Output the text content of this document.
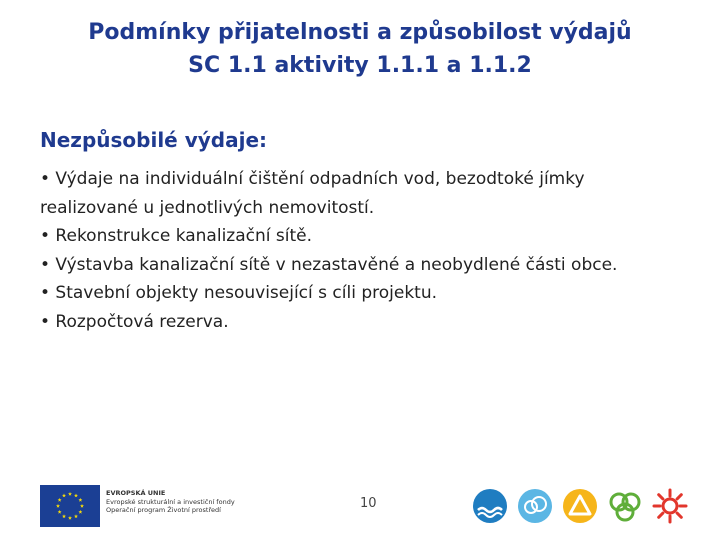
Podmínky přijatelnosti a způsobilost výdajů
SC 1.1 aktivity 1.1.1 a 1.1.2
Nezpůsobilé výdaje:

• Výdaje na individuální čištění odpadních vod, bezodtoké jímky realizované u jednotlivých nemovitostí.

• Rekonstrukce kanalizační sítě.

• Výstavba kanalizační sítě v nezastavěné a neobydlené části obce.

• Stavební objekty nesouvisející s cíli projektu.

• Rozpočtová rezerva.

EVROPSKÁ UNIE
Evropské strukturální a investiční fondy
Operační program Životní prostředí	10
